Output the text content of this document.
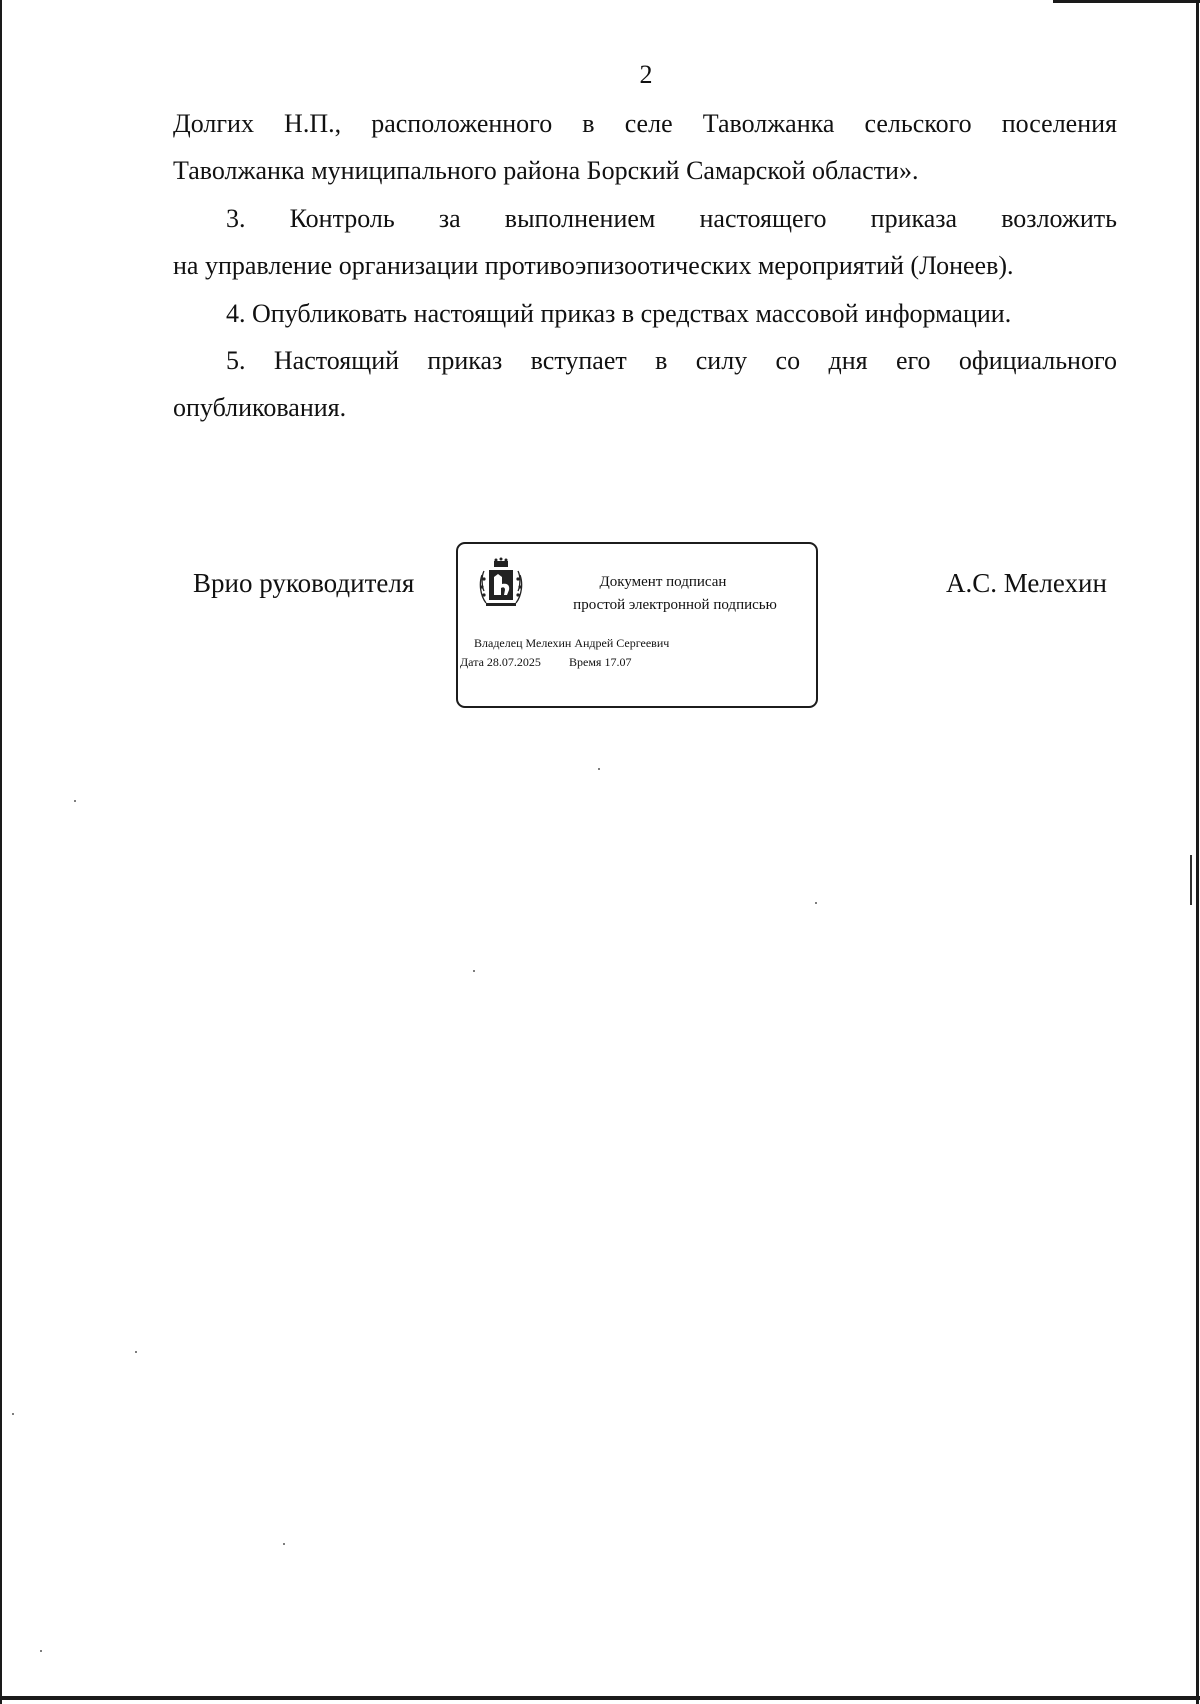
2

Долгих Н.П., расположенного в селе Таволжанка сельского поселения

Таволжанка муниципального района Борский Самарской области».

3. Контроль за выполнением настоящего приказа возложить

на управление организации противоэпизоотических мероприятий (Лонеев).

4. Опубликовать настоящий приказ в средствах массовой информации.

5. Настоящий приказ вступает в силу со дня его официального

опубликования.

Врио руководителя	А.С. Мелехин
Документ подписан
простой электронной подписью
Владелец Мелехин Андрей Сергеевич
Дата 28.07.2025 Время 17.07
